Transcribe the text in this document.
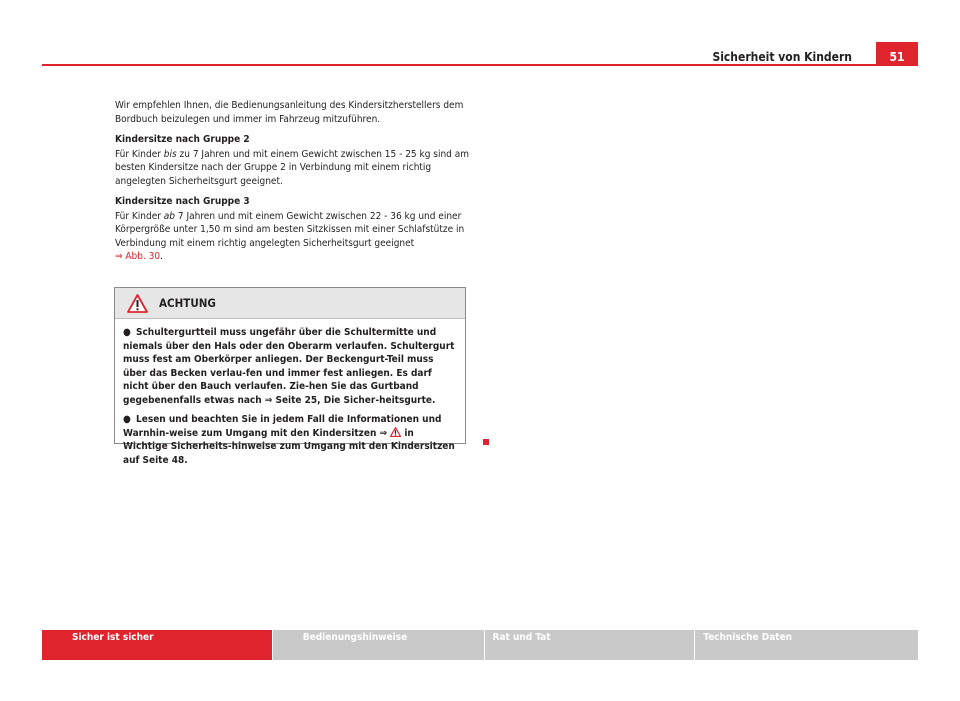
Sicherheit von Kindern	51

Wir empfehlen Ihnen, die Bedienungsanleitung des Kindersitzherstellers dem Bordbuch beizulegen und immer im Fahrzeug mitzuführen.

Kindersitze nach Gruppe 2

Für Kinder bis zu 7 Jahren und mit einem Gewicht zwischen 15 - 25 kg sind am besten Kindersitze nach der Gruppe 2 in Verbindung mit einem richtig angelegten Sicherheitsgurt geeignet.

Kindersitze nach Gruppe 3

Für Kinder ab 7 Jahren und mit einem Gewicht zwischen 22 - 36 kg und einer Körpergröße unter 1,50 m sind am besten Sitzkissen mit einer Schlafstütze in Verbindung mit einem richtig angelegten Sicherheitsgurt geeignet
⇒ Abb. 30.

ACHTUNG

● Schultergurtteil muss ungefähr über die Schultermitte und niemals über den Hals oder den Oberarm verlaufen. Schultergurt muss fest am Oberkörper anliegen. Der Beckengurt-Teil muss über das Becken verlau-fen und immer fest anliegen. Es darf nicht über den Bauch verlaufen. Zie-hen Sie das Gurtband gegebenenfalls etwas nach ⇒ Seite 25, Die Sicher-heitsgurte.

● Lesen und beachten Sie in jedem Fall die Informationen und Warnhin-weise zum Umgang mit den Kindersitzen ⇒  in Wichtige Sicherheits-hinweise zum Umgang mit den Kindersitzen auf Seite 48.

Sicher ist sicher	Bedienungshinweise	Rat und Tat	Technische Daten
